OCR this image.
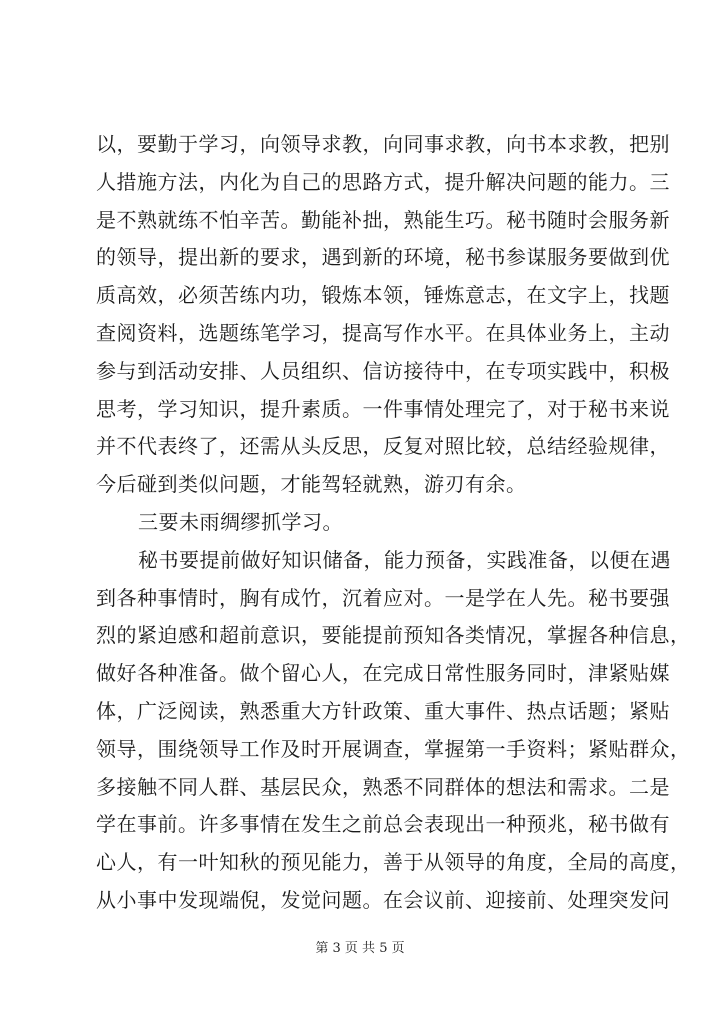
以，要勤于学习，向领导求教，向同事求教，向书本求教，把别
人措施方法，内化为自己的思路方式，提升解决问题的能力。三
是不熟就练不怕辛苦。勤能补拙，熟能生巧。秘书随时会服务新
的领导，提出新的要求，遇到新的环境，秘书参谋服务要做到优
质高效，必须苦练内功，锻炼本领，锤炼意志，在文字上，找题
查阅资料，选题练笔学习，提高写作水平。在具体业务上，主动
参与到活动安排、人员组织、信访接待中，在专项实践中，积极
思考，学习知识，提升素质。一件事情处理完了，对于秘书来说
并不代表终了，还需从头反思，反复对照比较，总结经验规律，
今后碰到类似问题，才能驾轻就熟，游刃有余。
三要未雨绸缪抓学习。
秘书要提前做好知识储备，能力预备，实践准备，以便在遇
到各种事情时，胸有成竹，沉着应对。一是学在人先。秘书要强
烈的紧迫感和超前意识，要能提前预知各类情况，掌握各种信息，
做好各种准备。做个留心人，在完成日常性服务同时，津紧贴媒
体，广泛阅读，熟悉重大方针政策、重大事件、热点话题；紧贴
领导，围绕领导工作及时开展调查，掌握第一手资料；紧贴群众，
多接触不同人群、基层民众，熟悉不同群体的想法和需求。二是
学在事前。许多事情在发生之前总会表现出一种预兆，秘书做有
心人，有一叶知秋的预见能力，善于从领导的角度，全局的高度，
从小事中发现端倪，发觉问题。在会议前、迎接前、处理突发问
第 3 页 共 5 页
